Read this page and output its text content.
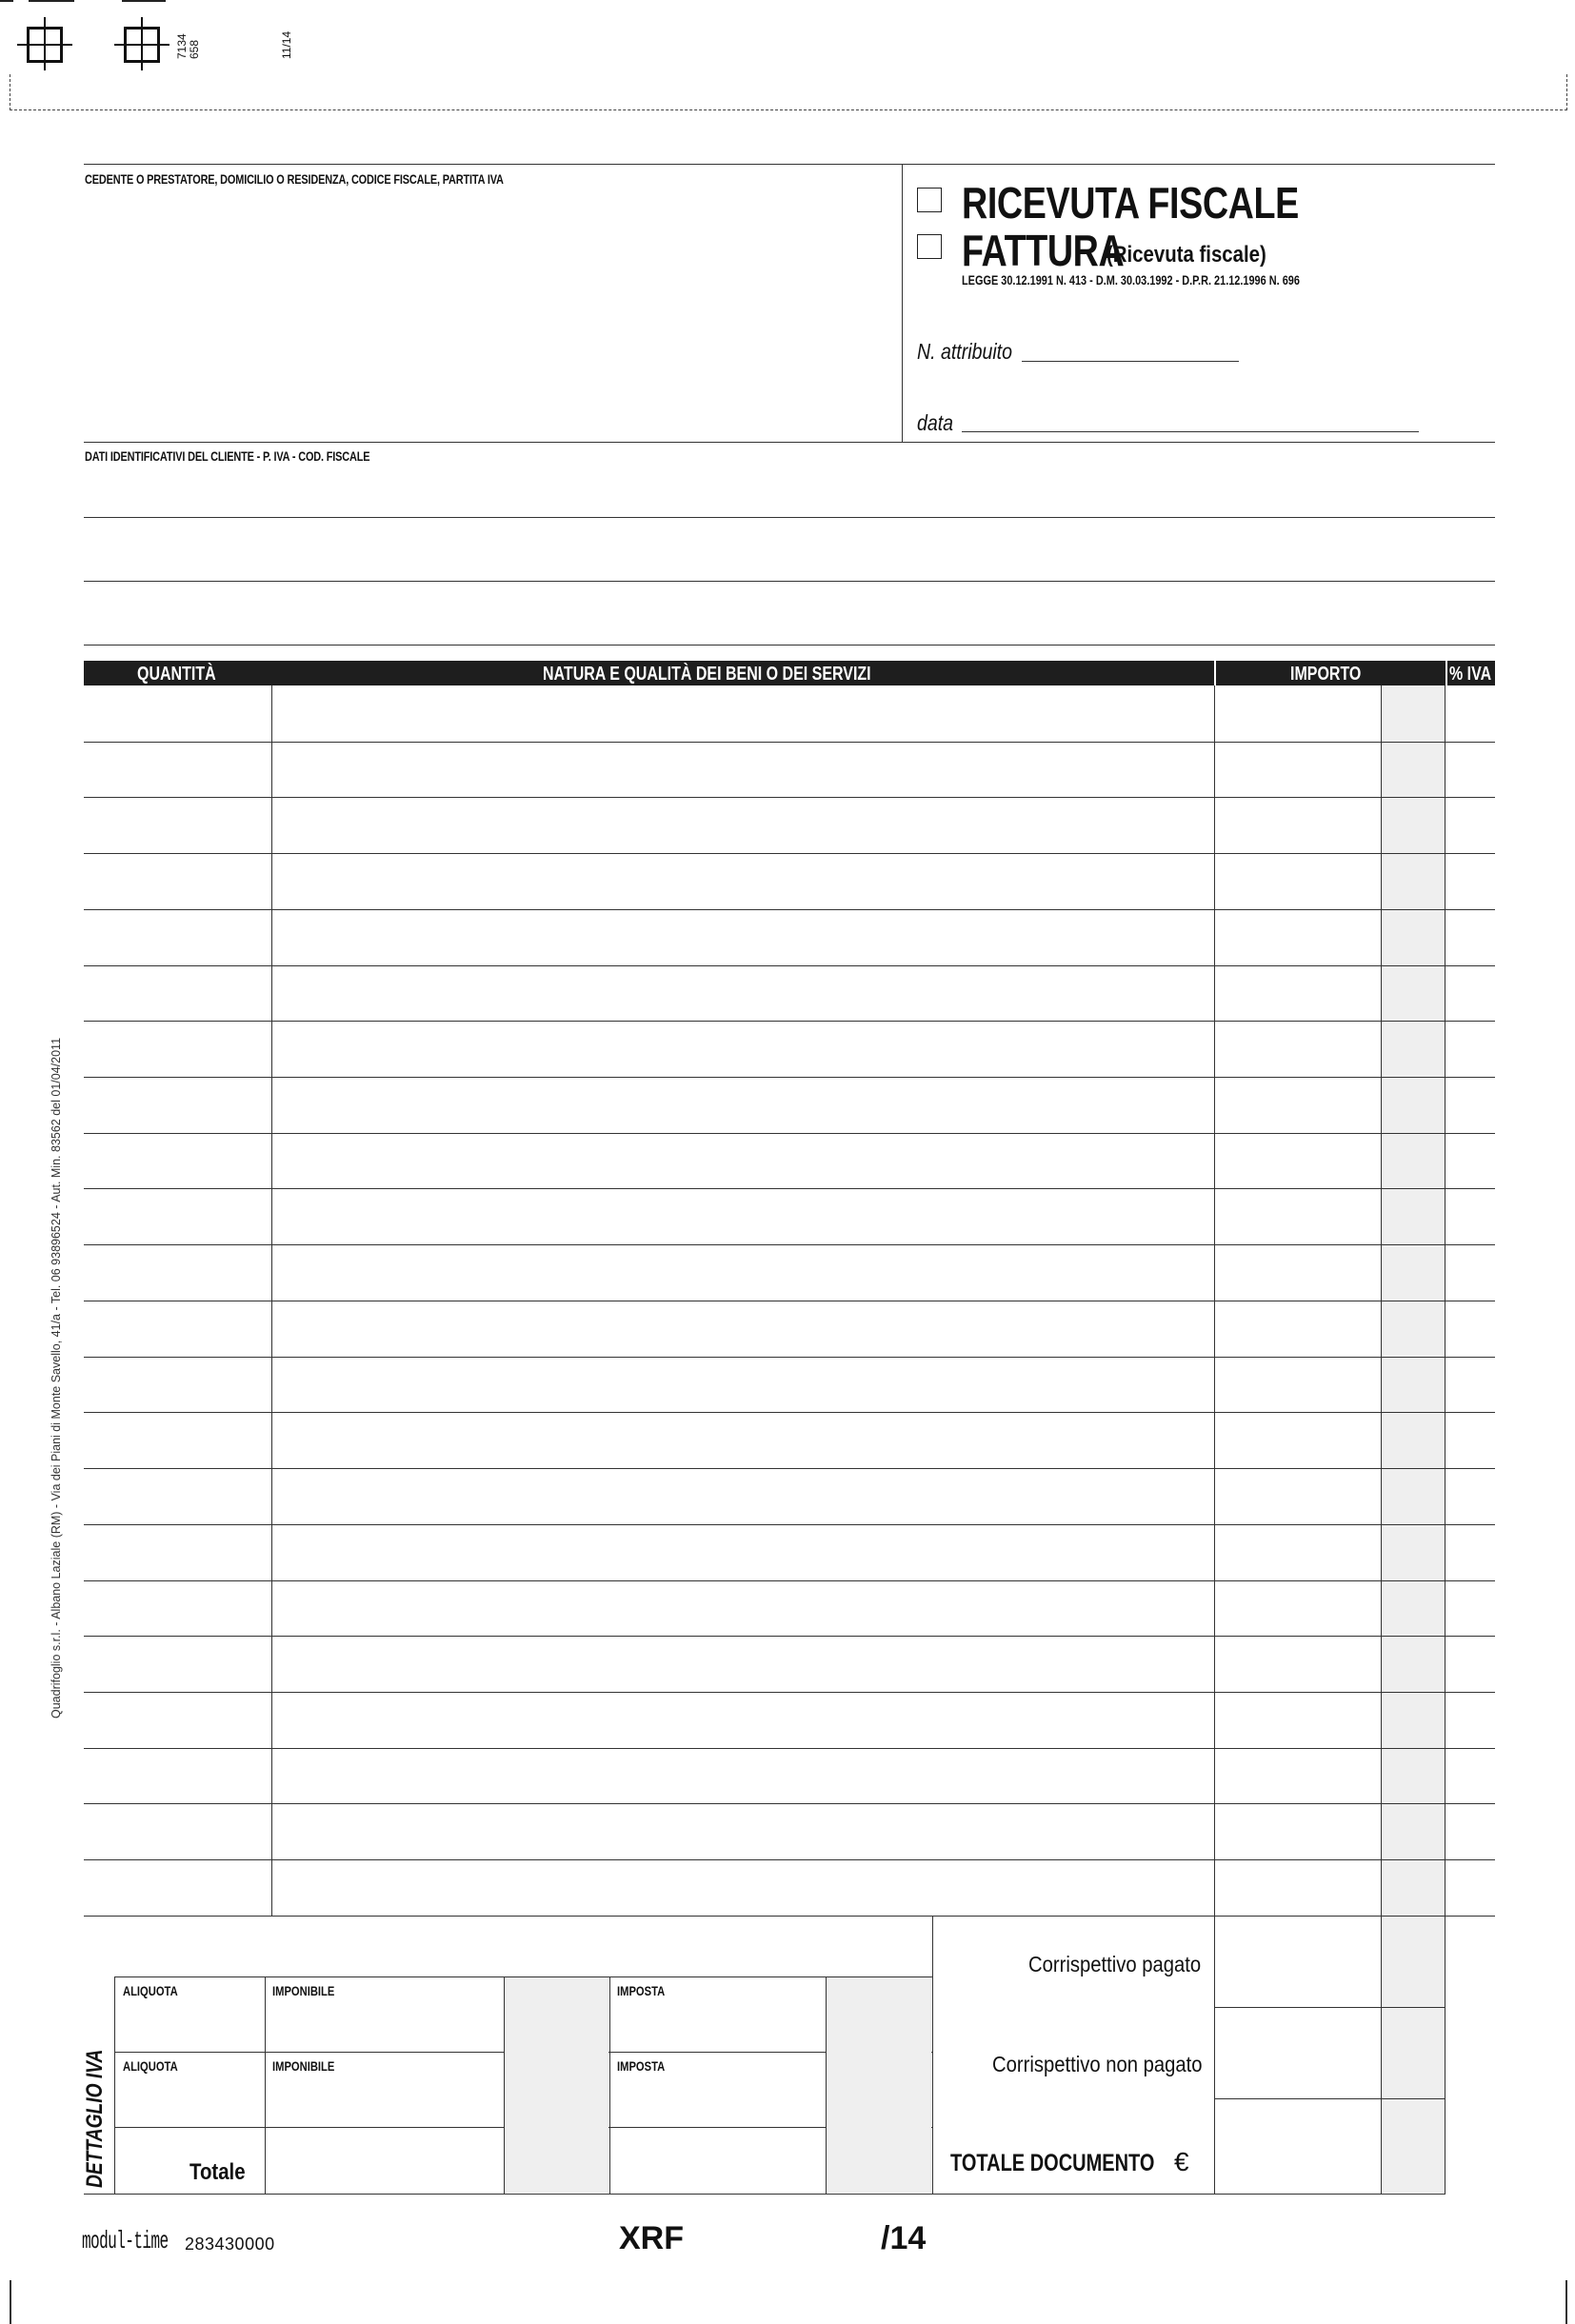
7134 658	11/14
CEDENTE O PRESTATORE, DOMICILIO O RESIDENZA, CODICE FISCALE, PARTITA IVA	RICEVUTA FISCALE
FATTURA
(Ricevuta fiscale)
LEGGE 30.12.1991 N. 413 - D.M. 30.03.1992 - D.P.R. 21.12.1996 N. 696
N. attribuito
data
DATI IDENTIFICATIVI DEL CLIENTE - P. IVA - COD. FISCALE
QUANTITÀ	NATURA E QUALITÀ DEI BENI O DEI SERVIZI	IMPORTO	% IVA
Corrispettivo pagato
Corrispettivo non pagato
TOTALE DOCUMENTO €
DETTAGLIO IVA
ALIQUOTA	IMPONIBILE	IMPOSTA
ALIQUOTA	IMPONIBILE	IMPOSTA
Totale
modul-time 283430000	XRF	/14
Quadrifoglio s.r.l. - Albano Laziale (RM) - Via dei Piani di Monte Savello, 41/a - Tel. 06 93896524 - Aut. Min. 83562 del 01/04/2011
